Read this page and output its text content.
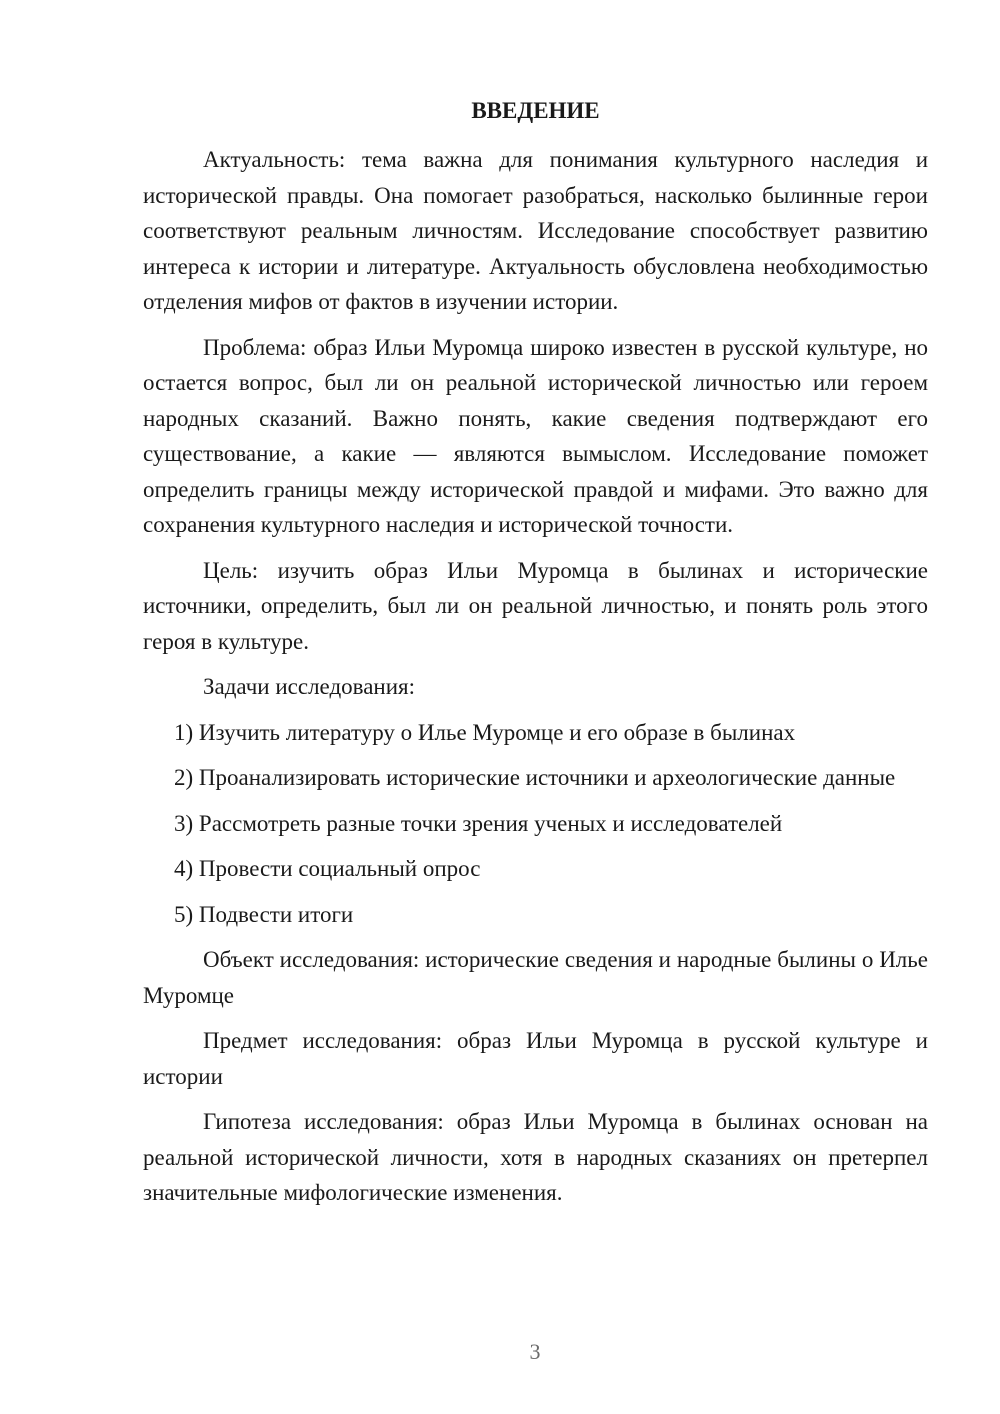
ВВЕДЕНИЕ

Актуальность: тема важна для понимания культурного наследия и исторической правды. Она помогает разобраться, насколько былинные герои соответствуют реальным личностям. Исследование способствует развитию интереса к истории и литературе. Актуальность обусловлена необходимостью отделения мифов от фактов в изучении истории.

Проблема: образ Ильи Муромца широко известен в русской культуре, но остается вопрос, был ли он реальной исторической личностью или героем народных сказаний. Важно понять, какие сведения подтверждают его существование, а какие — являются вымыслом. Исследование поможет определить границы между исторической правдой и мифами. Это важно для сохранения культурного наследия и исторической точности.

Цель: изучить образ Ильи Муромца в былинах и исторические источники, определить, был ли он реальной личностью, и понять роль этого героя в культуре.

Задачи исследования:

1) Изучить литературу о Илье Муромце и его образе в былинах

2) Проанализировать исторические источники и археологические данные

3) Рассмотреть разные точки зрения ученых и исследователей

4) Провести социальный опрос

5) Подвести итоги

Объект исследования: исторические сведения и народные былины о Илье Муромце

Предмет исследования: образ Ильи Муромца в русской культуре и истории

Гипотеза исследования: образ Ильи Муромца в былинах основан на реальной исторической личности, хотя в народных сказаниях он претерпел значительные мифологические изменения.

3
